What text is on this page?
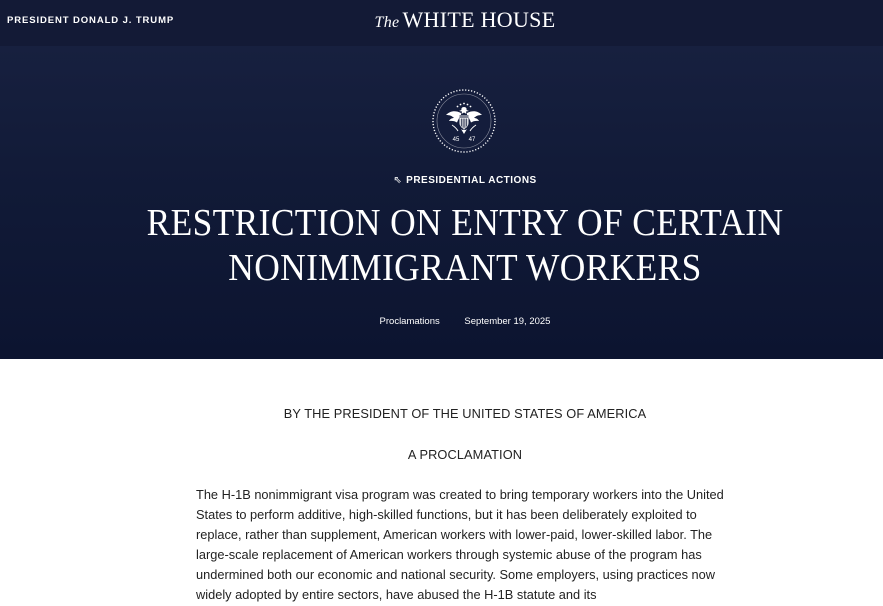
PRESIDENT DONALD J. TRUMP	The WHITE HOUSE
45 47
⇖ PRESIDENTIAL ACTIONS
RESTRICTION ON ENTRY OF CERTAIN
NONIMMIGRANT WORKERS
Proclamations	September 19, 2025
BY THE PRESIDENT OF THE UNITED STATES OF AMERICA
A PROCLAMATION

The H-1B nonimmigrant visa program was created to bring temporary workers into the United States to perform additive, high-skilled functions, but it has been deliberately exploited to replace, rather than supplement, American workers with lower-paid, lower-skilled labor. The large-scale replacement of American workers through systemic abuse of the program has undermined both our economic and national security. Some employers, using practices now widely adopted by entire sectors, have abused the H-1B statute and its
